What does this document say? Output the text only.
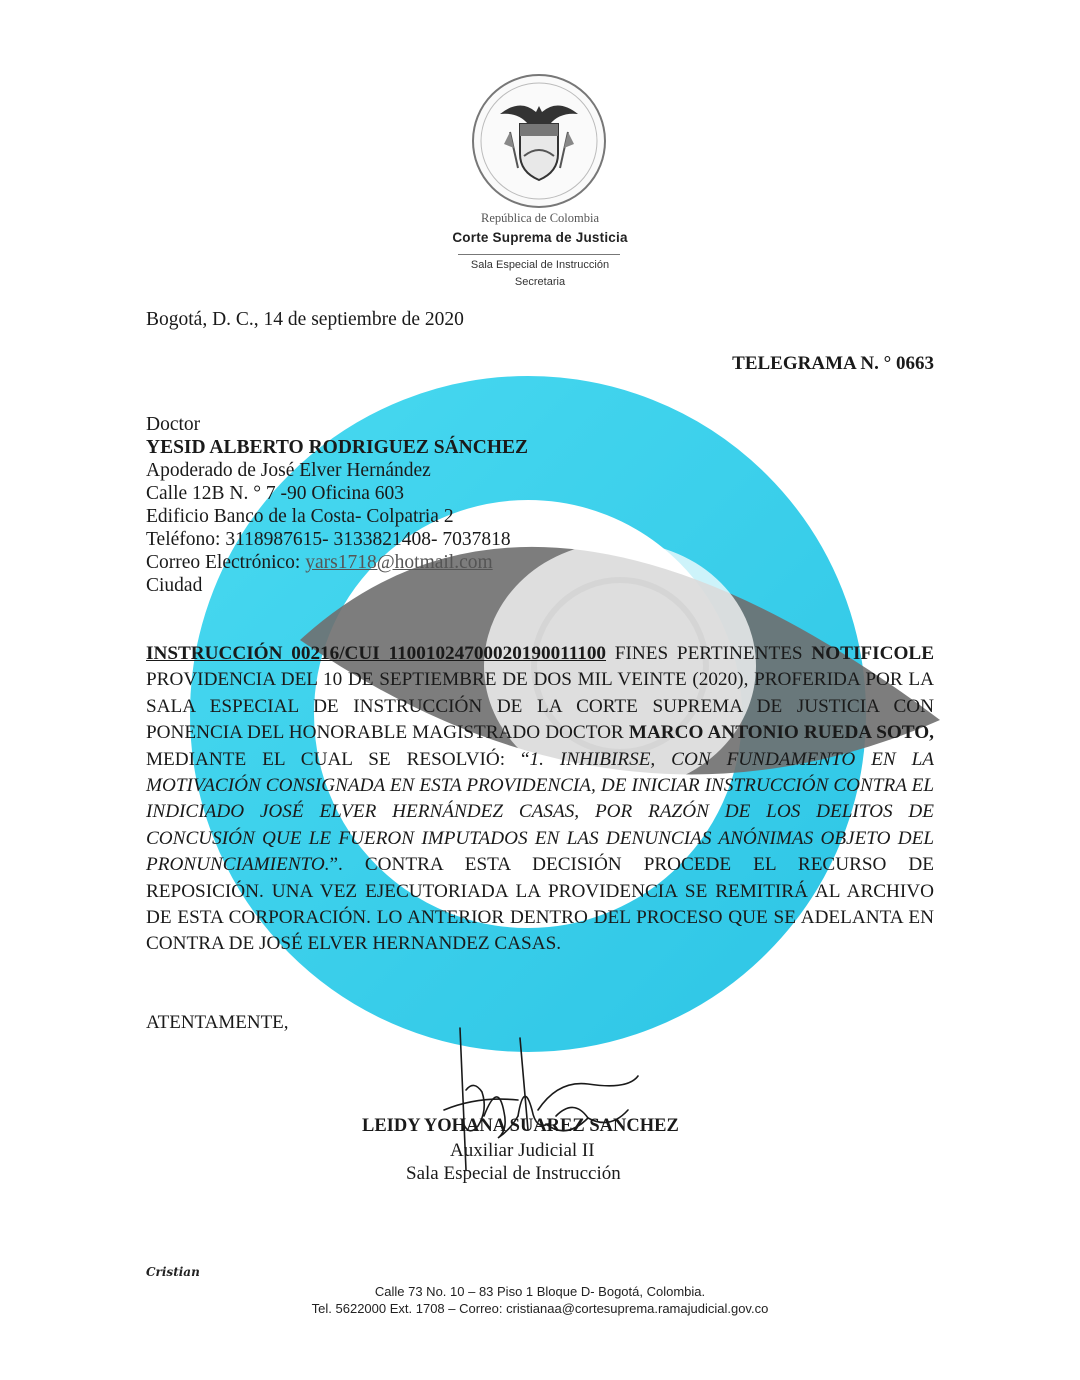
República de Colombia
Corte Suprema de Justicia
Sala Especial de Instrucción
Secretaria
Bogotá, D. C., 14 de septiembre de 2020
TELEGRAMA N. ° 0663
Doctor
YESID ALBERTO RODRIGUEZ SÁNCHEZ
Apoderado de José Elver Hernández
Calle 12B N. ° 7 -90 Oficina 603
Edificio Banco de la Costa- Colpatria 2
Teléfono: 3118987615- 3133821408- 7037818
Correo Electrónico: yars1718@hotmail.com
Ciudad
INSTRUCCIÓN 00216/CUI 11001024700020190011100 FINES PERTINENTES NOTIFICOLE PROVIDENCIA DEL 10 DE SEPTIEMBRE DE DOS MIL VEINTE (2020), PROFERIDA POR LA SALA ESPECIAL DE INSTRUCCIÓN DE LA CORTE SUPREMA DE JUSTICIA CON PONENCIA DEL HONORABLE MAGISTRADO DOCTOR MARCO ANTONIO RUEDA SOTO, MEDIANTE EL CUAL SE RESOLVIÓ: “1. INHIBIRSE, CON FUNDAMENTO EN LA MOTIVACIÓN CONSIGNADA EN ESTA PROVIDENCIA, DE INICIAR INSTRUCCIÓN CONTRA EL INDICIADO JOSÉ ELVER HERNÁNDEZ CASAS, POR RAZÓN DE LOS DELITOS DE CONCUSIÓN QUE LE FUERON IMPUTADOS EN LAS DENUNCIAS ANÓNIMAS OBJETO DEL PRONUNCIAMIENTO.”. CONTRA ESTA DECISIÓN PROCEDE EL RECURSO DE REPOSICIÓN. UNA VEZ EJECUTORIADA LA PROVIDENCIA SE REMITIRÁ AL ARCHIVO DE ESTA CORPORACIÓN. LO ANTERIOR DENTRO DEL PROCESO QUE SE ADELANTA EN CONTRA DE JOSÉ ELVER HERNANDEZ CASAS.
ATENTAMENTE,
LEIDY YOHANA SUAREZ SANCHEZ
Auxiliar Judicial II
Sala Especial de Instrucción
Cristian
Calle 73 No. 10 – 83 Piso 1 Bloque D- Bogotá, Colombia.
Tel. 5622000 Ext. 1708 – Correo: cristianaa@cortesuprema.ramajudicial.gov.co
